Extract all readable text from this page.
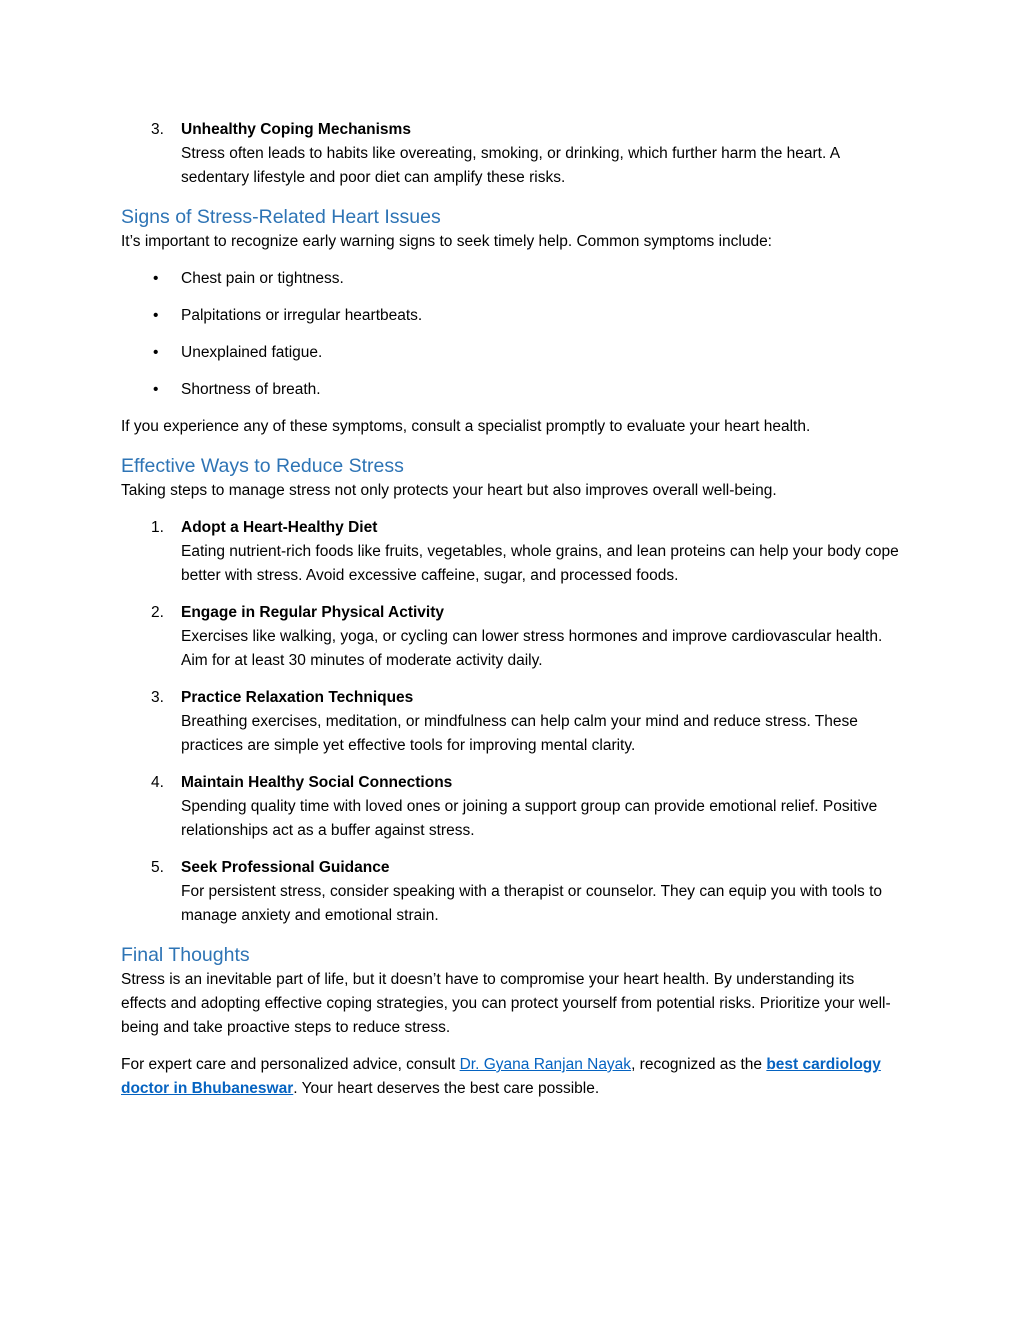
3. Unhealthy Coping Mechanisms
Stress often leads to habits like overeating, smoking, or drinking, which further harm the heart. A sedentary lifestyle and poor diet can amplify these risks.
Signs of Stress-Related Heart Issues

It’s important to recognize early warning signs to seek timely help. Common symptoms include:

• Chest pain or tightness.
• Palpitations or irregular heartbeats.
• Unexplained fatigue.
• Shortness of breath.

If you experience any of these symptoms, consult a specialist promptly to evaluate your heart health.

Effective Ways to Reduce Stress

Taking steps to manage stress not only protects your heart but also improves overall well-being.

1. Adopt a Heart-Healthy Diet
Eating nutrient-rich foods like fruits, vegetables, whole grains, and lean proteins can help your body cope better with stress. Avoid excessive caffeine, sugar, and processed foods.
2. Engage in Regular Physical Activity
Exercises like walking, yoga, or cycling can lower stress hormones and improve cardiovascular health. Aim for at least 30 minutes of moderate activity daily.
3. Practice Relaxation Techniques
Breathing exercises, meditation, or mindfulness can help calm your mind and reduce stress. These practices are simple yet effective tools for improving mental clarity.
4. Maintain Healthy Social Connections
Spending quality time with loved ones or joining a support group can provide emotional relief. Positive relationships act as a buffer against stress.
5. Seek Professional Guidance
For persistent stress, consider speaking with a therapist or counselor. They can equip you with tools to manage anxiety and emotional strain.
Final Thoughts

Stress is an inevitable part of life, but it doesn’t have to compromise your heart health. By understanding its effects and adopting effective coping strategies, you can protect yourself from potential risks. Prioritize your well-being and take proactive steps to reduce stress.

For expert care and personalized advice, consult Dr. Gyana Ranjan Nayak, recognized as the best cardiology doctor in Bhubaneswar. Your heart deserves the best care possible.
